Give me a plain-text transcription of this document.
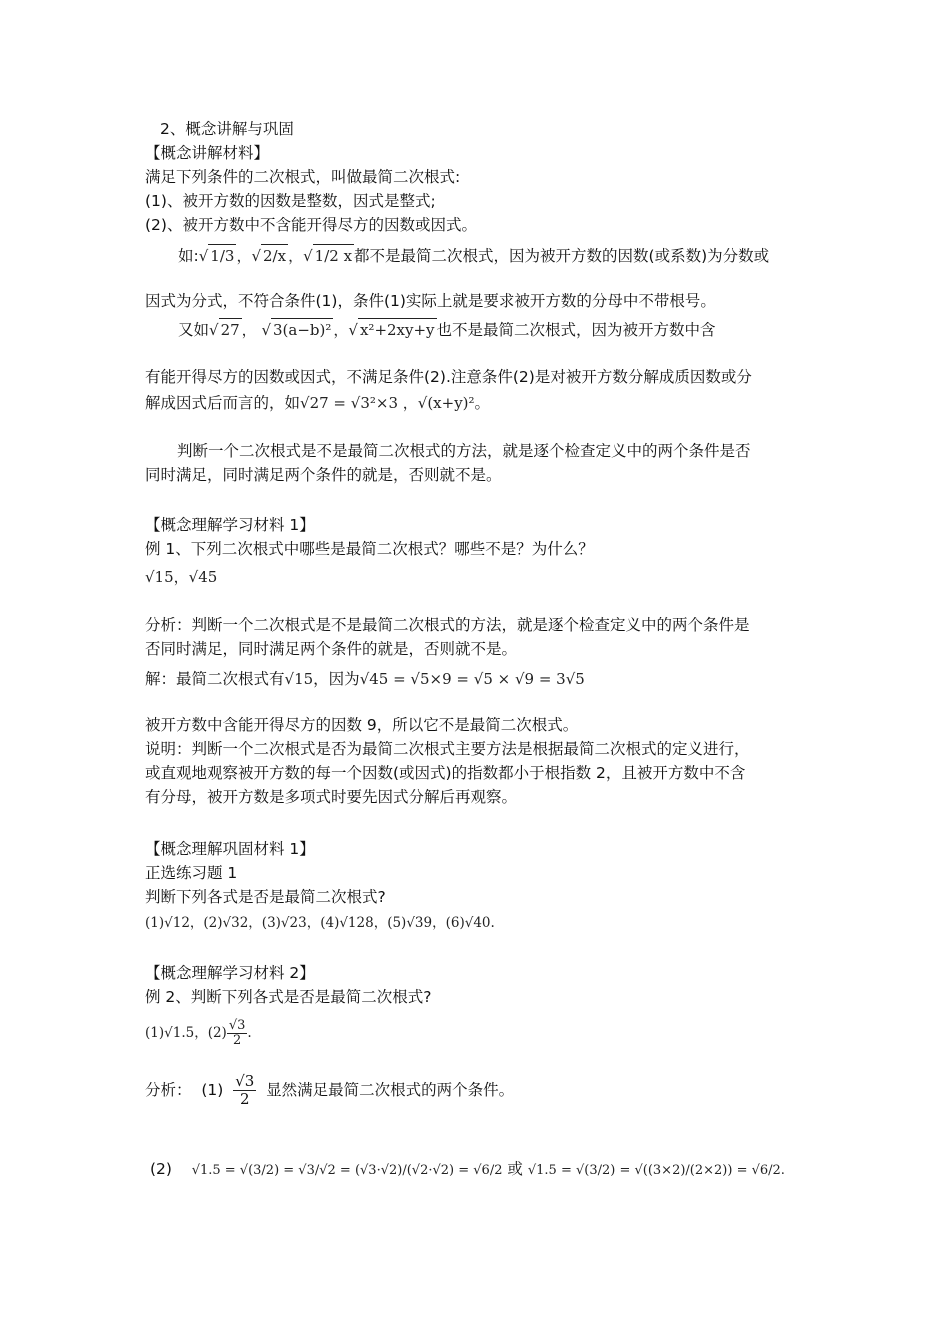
2、概念讲解与巩固
【概念讲解材料】
满足下列条件的二次根式，叫做最简二次根式:
(1)、被开方数的因数是整数，因式是整式;
(2)、被开方数中不含能开得尽方的因数或因式。
如:√ 1/3 ，√ 2/x ，√ 1/2 x 都不是最简二次根式，因为被开方数的因数(或系数)为分数或
因式为分式，不符合条件(1)，条件(1)实际上就是要求被开方数的分母中不带根号。
又如√ 27 ， √ 3(a−b)² ，√ x²+2xy+y 也不是最简二次根式，因为被开方数中含
有能开得尽方的因数或因式，不满足条件(2).注意条件(2)是对被开方数分解成质因数或分
解成因式后而言的，如√27 = √3²×3 ，√(x+y)²。
判断一个二次根式是不是最简二次根式的方法，就是逐个检查定义中的两个条件是否
同时满足，同时满足两个条件的就是，否则就不是。
【概念理解学习材料 1】
例 1、下列二次根式中哪些是最简二次根式？哪些不是？为什么？
√15，√45
分析：判断一个二次根式是不是最简二次根式的方法，就是逐个检查定义中的两个条件是
否同时满足，同时满足两个条件的就是，否则就不是。
解：最简二次根式有√15，因为√45 = √5×9 = √5 × √9 = 3√5
被开方数中含能开得尽方的因数 9，所以它不是最简二次根式。
说明：判断一个二次根式是否为最简二次根式主要方法是根据最简二次根式的定义进行，
或直观地观察被开方数的每一个因数(或因式)的指数都小于根指数 2，且被开方数中不含
有分母，被开方数是多项式时要先因式分解后再观察。
【概念理解巩固材料 1】
正选练习题 1
判断下列各式是否是最简二次根式?
(1)√12，(2)√32，(3)√23，(4)√128，(5)√39，(6)√40.
【概念理解学习材料 2】
例 2、判断下列各式是否是最简二次根式?
(1)√1.5，$(2) \frac{√3}{2}$ .
分析： $(1) \frac{√3}{2}$ 显然满足最简二次根式的两个条件。
(2) √1.5 = √(3/2) = √3/√2 = (√3·√2)/(√2·√2) = √6/2 或 √1.5 = √(3/2) = √((3×2)/(2×2)) = √6/2.
